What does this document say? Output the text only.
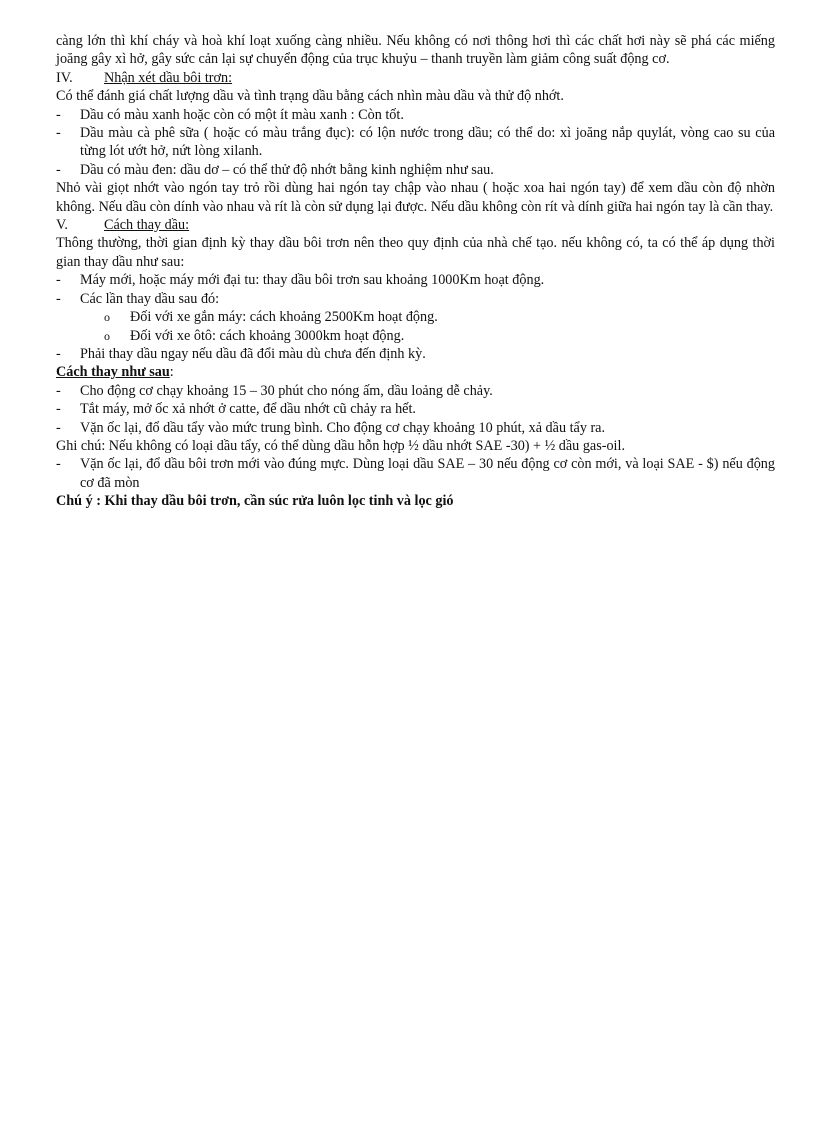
càng lớn thì khí cháy và hoà khí loạt xuống càng nhiều. Nếu không có nơi thông hơi thì các chất hơi này sẽ phá các miếng joăng gây xì hở, gây sức cản lại sự chuyển động của trục khuỷu – thanh truyền làm giảm công suất động cơ.

IV.	Nhận xét dầu bôi trơn:

Có thể đánh giá chất lượng dầu và tình trạng dầu bằng cách nhìn màu dầu và thử độ nhớt.

-	Dầu có màu xanh hoặc còn có một ít màu xanh : Còn tốt.
-	Dầu màu cà phê sữa ( hoặc có màu trắng đục): có lộn nước trong dầu; có thể do: xì joăng nắp quylát, vòng cao su của từng lót ướt hở, nứt lòng xilanh.
-	Dầu có màu đen: dầu dơ – có thể thử độ nhớt bằng kinh nghiệm như sau.

Nhỏ vài giọt nhớt vào ngón tay trỏ rồi dùng hai ngón tay chập vào nhau ( hoặc xoa hai ngón tay) để xem dầu còn độ nhờn không. Nếu dầu còn dính vào nhau và rít là còn sử dụng lại được. Nếu dầu không còn rít và dính giữa hai ngón tay là cần thay.

V.	Cách thay dầu:

Thông thường, thời gian định kỳ thay dầu bôi trơn nên theo quy định của nhà chế tạo. nếu không có, ta có thể áp dụng thời gian thay dầu như sau:

-	Máy mới, hoặc máy mới đại tu: thay dầu bôi trơn sau khoảng 1000Km hoạt động.
-	Các lần thay dầu sau đó:
o	Đối với xe gắn máy: cách khoảng 2500Km hoạt động.
o	Đối với xe ôtô: cách khoảng 3000km hoạt động.
-	Phải thay dầu ngay nếu dầu đã đổi màu dù chưa đến định kỳ.

Cách thay như sau:

-	Cho động cơ chạy khoảng 15 – 30 phút cho nóng ấm, dầu loảng dễ chảy.
-	Tắt máy, mở ốc xả nhớt ở catte, để dầu nhớt cũ chảy ra hết.
-	Vặn ốc lại, đổ dầu tẩy vào mức trung bình. Cho động cơ chạy khoảng 10 phút, xả dầu tẩy ra.

Ghi chú: Nếu không có loại dầu tẩy, có thể dùng dầu hỗn hợp ½ dầu nhớt SAE -30) + ½ dầu gas-oil.

-	Vặn ốc lại, đổ dầu bôi trơn mới vào đúng mực. Dùng loại dầu SAE – 30 nếu động cơ còn mới, và loại SAE - $) nếu động cơ đã mòn

Chú ý : Khi thay dầu bôi trơn, cần súc rửa luôn lọc tinh và lọc gió
